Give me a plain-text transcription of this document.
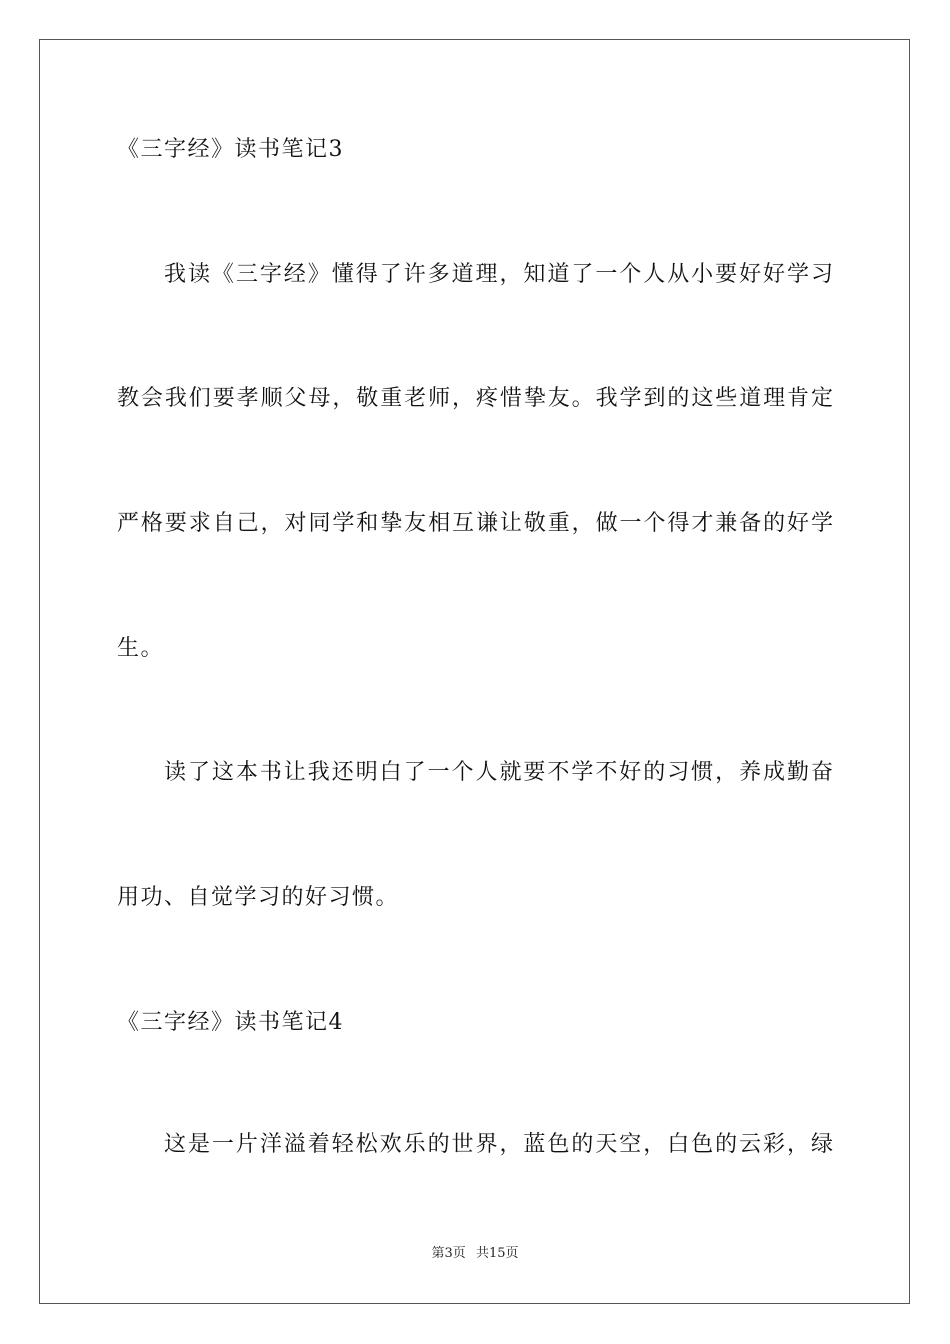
《三字经》读书笔记3
我读《三字经》懂得了许多道理，知道了一个人从小要好好学习
教会我们要孝顺父母，敬重老师，疼惜挚友。我学到的这些道理肯定
严格要求自己，对同学和挚友相互谦让敬重，做一个得才兼备的好学
生。
读了这本书让我还明白了一个人就要不学不好的习惯，养成勤奋
用功、自觉学习的好习惯。
《三字经》读书笔记4
这是一片洋溢着轻松欢乐的世界，蓝色的天空，白色的云彩，绿
第3页 共15页
